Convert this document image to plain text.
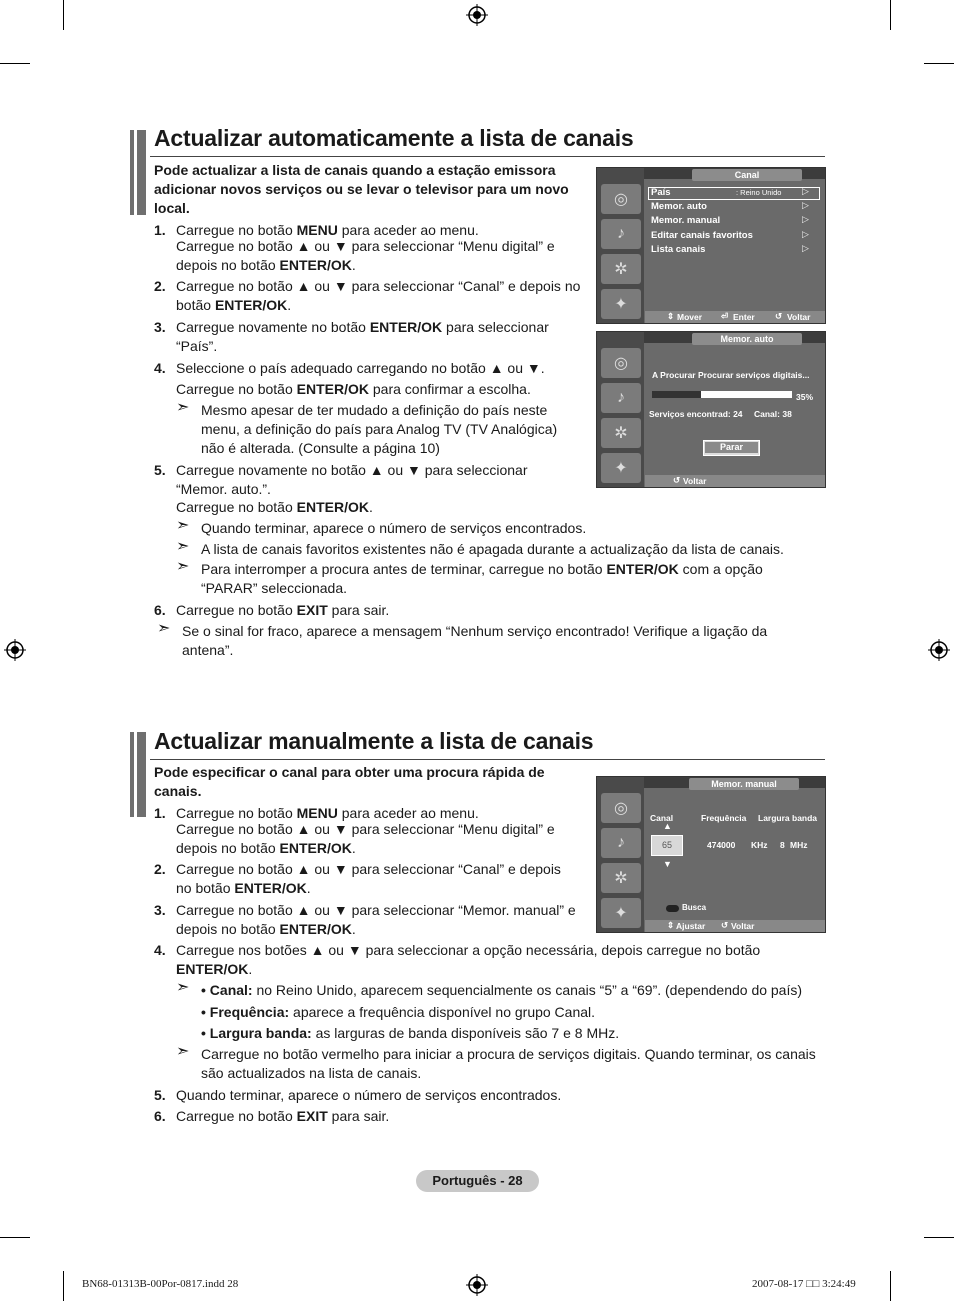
Actualizar automaticamente a lista de canais
Pode actualizar a lista de canais quando a estação emissora adicionar novos serviços ou se levar o televisor para um novo local.
1. Carregue no botão MENU para aceder ao menu.
Carregue no botão ▲ ou ▼ para seleccionar “Menu digital” e depois no botão ENTER/OK.
2. Carregue no botão ▲ ou ▼ para seleccionar “Canal” e depois no botão ENTER/OK.
3. Carregue novamente no botão ENTER/OK para seleccionar “País”.
4. Seleccione o país adequado carregando no botão ▲ ou ▼.
Carregue no botão ENTER/OK para confirmar a escolha.
➣ Mesmo apesar de ter mudado a definição do país neste menu, a definição do país para Analog TV (TV Analógica) não é alterada. (Consulte a página 10)
5. Carregue novamente no botão ▲ ou ▼ para seleccionar “Memor. auto.”.
Carregue no botão ENTER/OK.
➣ Quando terminar, aparece o número de serviços encontrados.
➣ A lista de canais favoritos existentes não é apagada durante a actualização da lista de canais.
➣ Para interromper a procura antes de terminar, carregue no botão ENTER/OK com a opção “PARAR” seleccionada.
6. Carregue no botão EXIT para sair.
➣ Se o sinal for fraco, aparece a mensagem “Nenhum serviço encontrado! Verifique a ligação da antena”.
Canal
◎
♪
✲
✦
País	: Reino Unido ▷
Memor. auto	▷
Memor. manual	▷
Editar canais favoritos	▷
Lista canais	▷
⇕ Mover ⏎ Enter ↺ Voltar
Memor. auto
◎
♪
✲
✦
A Procurar Procurar serviços digitais...
35%
Serviços encontrad: 24 Canal: 38
Parar
↺ Voltar
Actualizar manualmente a lista de canais
Pode especificar o canal para obter uma procura rápida de canais.
1. Carregue no botão MENU para aceder ao menu.
Carregue no botão ▲ ou ▼ para seleccionar “Menu digital” e depois no botão ENTER/OK.
2. Carregue no botão ▲ ou ▼ para seleccionar “Canal” e depois no botão ENTER/OK.
3. Carregue no botão ▲ ou ▼ para seleccionar “Memor. manual” e depois no botão ENTER/OK.
4. Carregue nos botões ▲ ou ▼ para seleccionar a opção necessária, depois carregue no botão ENTER/OK.
➣ • Canal: no Reino Unido, aparecem sequencialmente os canais “5” a “69”. (dependendo do país)
• Frequência: aparece a frequência disponível no grupo Canal.
• Largura banda: as larguras de banda disponíveis são 7 e 8 MHz.
➣ Carregue no botão vermelho para iniciar a procura de serviços digitais. Quando terminar, os canais são actualizados na lista de canais.
5. Quando terminar, aparece o número de serviços encontrados.
6. Carregue no botão EXIT para sair.
Memor. manual
◎
♪
✲
✦
Canal	Frequência Largura banda
▲
65
▼
474000 KHz 8 MHz
Busca
⇕ Ajustar ↺ Voltar
Português - 28
BN68-01313B-00Por-0817.indd 28	2007-08-17 □□ 3:24:49
